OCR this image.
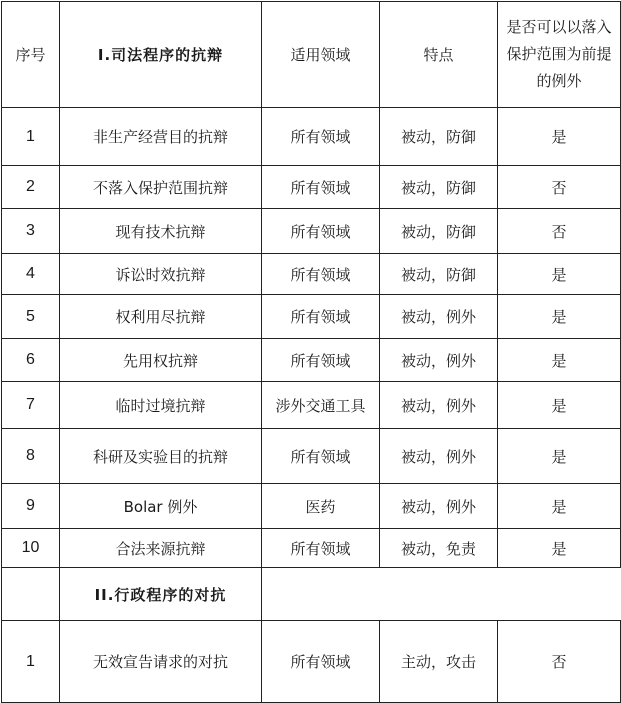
序号	I.司法程序的抗辩	适用领域	特点	是否可以以落入保护范围为前提的例外
1	非生产经营目的抗辩	所有领域	被动，防御	是
2	不落入保护范围抗辩	所有领域	被动，防御	否
3	现有技术抗辩	所有领域	被动，防御	否
4	诉讼时效抗辩	所有领域	被动，防御	是
5	权利用尽抗辩	所有领域	被动，例外	是
6	先用权抗辩	所有领域	被动，例外	是
7	临时过境抗辩	涉外交通工具	被动，例外	是
8	科研及实验目的抗辩	所有领域	被动，例外	是
9	Bolar 例外	医药	被动，例外	是
10	合法来源抗辩	所有领域	被动，免责	是
	II.行政程序的对抗			
1	无效宣告请求的对抗	所有领域	主动，攻击	否
